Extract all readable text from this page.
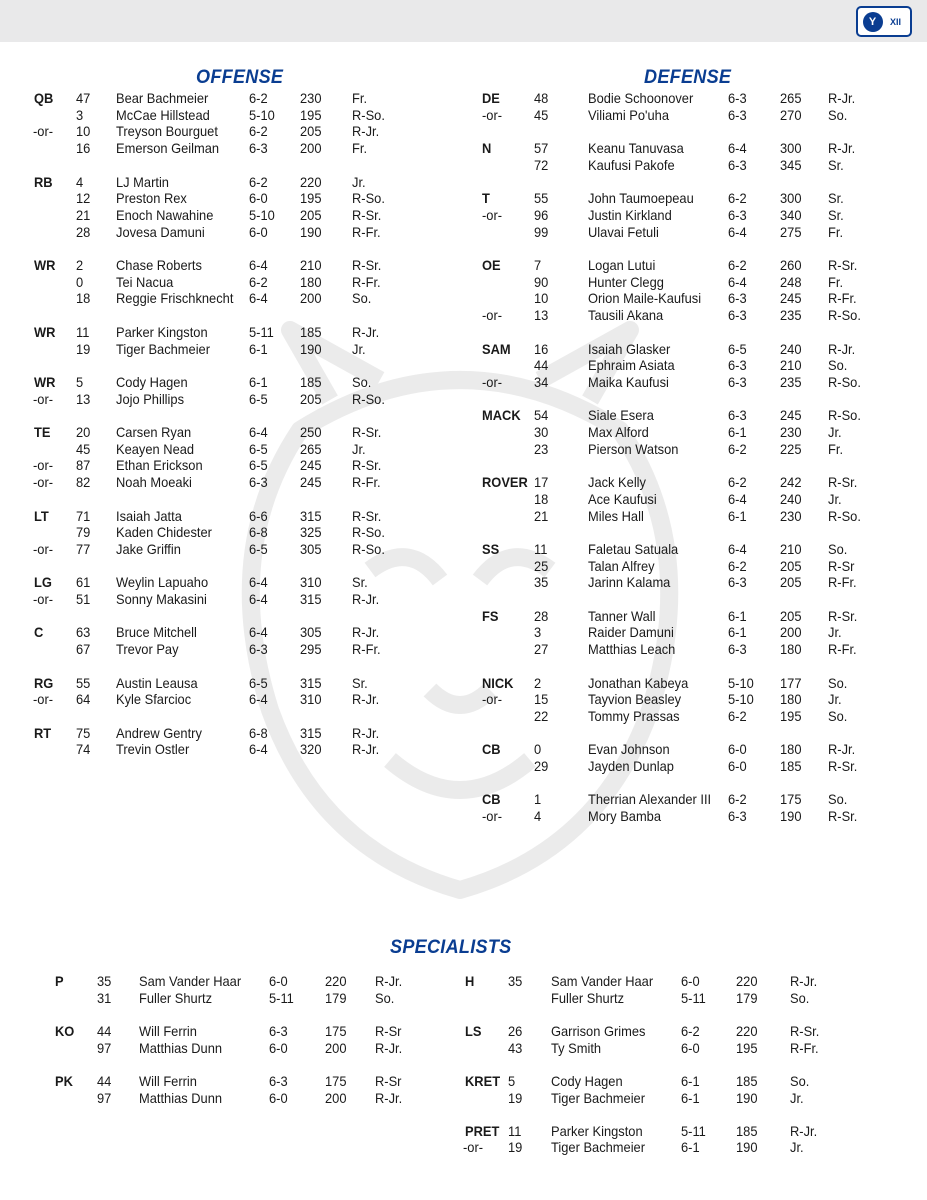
Y	XII
OFFENSE	DEFENSE
SPECIALISTS
QB 47 Bear Bachmeier	6-2 230 Fr.
3 McCae Hillstead	5-10 195 R-So.
-or- 10 Treyson Bourguet	6-2 205 R-Jr.
16 Emerson Geilman	6-3 200 Fr.
RB 4 LJ Martin	6-2 220 Jr.
12 Preston Rex	6-0 195 R-So.
21 Enoch Nawahine	5-10 205 R-Sr.
28 Jovesa Damuni	6-0 190 R-Fr.
WR 2 Chase Roberts	6-4 210 R-Sr.
0 Tei Nacua	6-2 180 R-Fr.
18 Reggie Frischknecht	6-4 200 So.
WR 11 Parker Kingston	5-11 185 R-Jr.
19 Tiger Bachmeier	6-1 190 Jr.
WR 5 Cody Hagen	6-1 185 So.
-or- 13 Jojo Phillips	6-5 205 R-So.
TE 20 Carsen Ryan	6-4 250 R-Sr.
45 Keayen Nead	6-5 265 Jr.
-or- 87 Ethan Erickson	6-5 245 R-Sr.
-or- 82 Noah Moeaki	6-3 245 R-Fr.
LT 71 Isaiah Jatta	6-6 315 R-Sr.
79 Kaden Chidester	6-8 325 R-So.
-or- 77 Jake Griffin	6-5 305 R-So.
LG 61 Weylin Lapuaho	6-4 310 Sr.
-or- 51 Sonny Makasini	6-4 315 R-Jr.
C 63 Bruce Mitchell	6-4 305 R-Jr.
67 Trevor Pay	6-3 295 R-Fr.
RG 55 Austin Leausa	6-5 315 Sr.
-or- 64 Kyle Sfarcioc	6-4 310 R-Jr.
RT 75 Andrew Gentry	6-8 315 R-Jr.
74 Trevin Ostler	6-4 320 R-Jr.
DE 48	Bodie Schoonover	6-3 265 R-Jr.
-or- 45	Viliami Po'uha	6-3 270 So.
N	57	Keanu Tanuvasa	6-4 300 R-Jr.
72	Kaufusi Pakofe	6-3 345 Sr.
T	55	John Taumoepeau	6-2 300 Sr.
-or- 96	Justin Kirkland	6-3 340 Sr.
99	Ulavai Fetuli	6-4 275 Fr.
OE 7	Logan Lutui	6-2 260 R-Sr.
90	Hunter Clegg	6-4 248 Fr.
10	Orion Maile-Kaufusi	6-3 245 R-Fr.
-or- 13	Tausili Akana	6-3 235 R-So.
SAM 16	Isaiah Glasker	6-5 240 R-Jr.
44	Ephraim Asiata	6-3 210 So.
-or- 34	Maika Kaufusi	6-3 235 R-So.
MACK 54	Siale Esera	6-3 245 R-So.
30	Max Alford	6-1 230 Jr.
23	Pierson Watson	6-2 225 Fr.
ROVER 17	Jack Kelly	6-2 242 R-Sr.
18	Ace Kaufusi	6-4 240 Jr.
21	Miles Hall	6-1 230 R-So.
SS 11	Faletau Satuala	6-4 210 So.
25	Talan Alfrey	6-2 205 R-Sr
35	Jarinn Kalama	6-3 205 R-Fr.
FS	28	Tanner Wall	6-1 205 R-Sr.
3	Raider Damuni	6-1 200 Jr.
27	Matthias Leach	6-3 180 R-Fr.
NICK 2	Jonathan Kabeya	5-10 177 So.
-or- 15	Tayvion Beasley	5-10 180 Jr.
22	Tommy Prassas	6-2 195 So.
CB 0	Evan Johnson	6-0 180 R-Jr.
29	Jayden Dunlap	6-0 185 R-Sr.
CB 1	Therrian Alexander III	6-2 175 So.
-or- 4	Mory Bamba	6-3 190 R-Sr.
P 35 Sam Vander Haar	6-0	220 R-Jr.
31 Fuller Shurtz	5-11 179 So.
KO 44 Will Ferrin	6-3	175 R-Sr
97 Matthias Dunn	6-0	200 R-Jr.
PK 44 Will Ferrin	6-3	175 R-Sr
97 Matthias Dunn	6-0	200 R-Jr.
H 35 Sam Vander Haar	6-0	220 R-Jr.
Fuller Shurtz	5-11 179 So.
LS 26 Garrison Grimes	6-2	220 R-Sr.
43 Ty Smith	6-0	195 R-Fr.
KRET 5	Cody Hagen	6-1	185 So.
19 Tiger Bachmeier	6-1	190 Jr.
PRET 11 Parker Kingston	5-11 185 R-Jr.
-or- 19 Tiger Bachmeier	6-1	190 Jr.
